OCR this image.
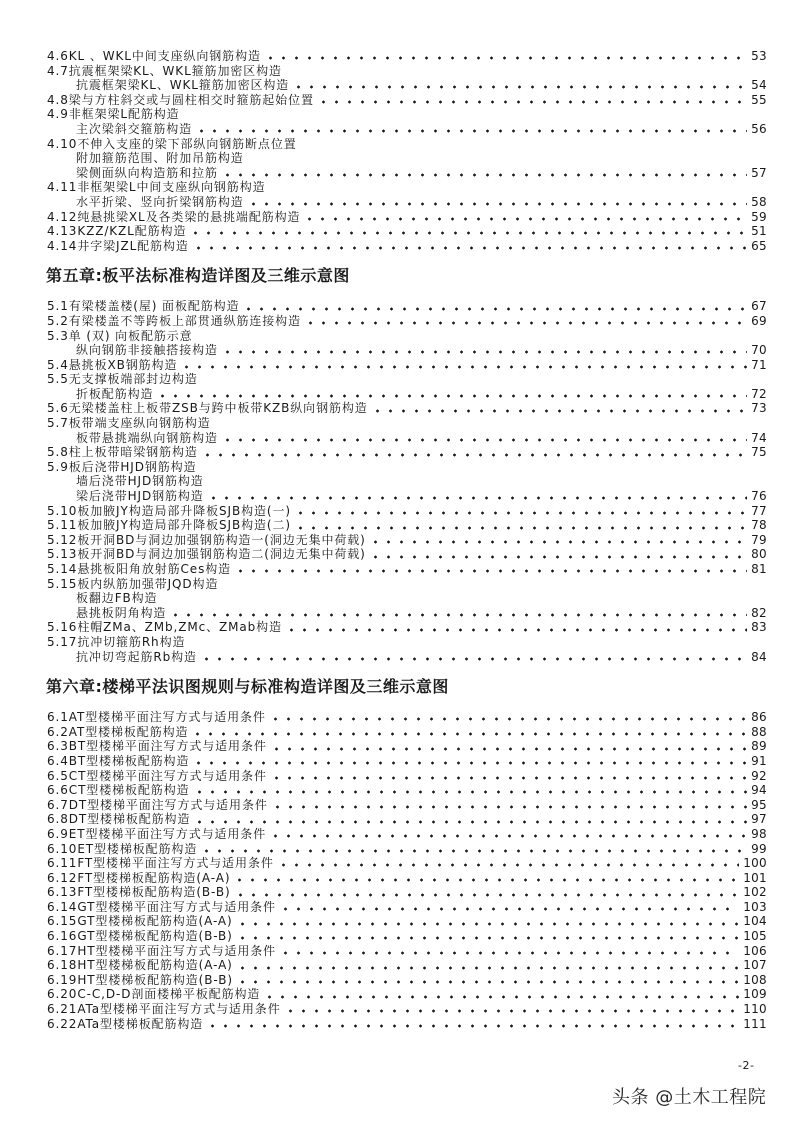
4.6KL 、WKL中间支座纵向钢筋构造	53
4.7抗震框架梁KL、WKL箍筋加密区构造
抗震框架梁KL、WKL箍筋加密区构造	54
4.8梁与方柱斜交或与圆柱相交时箍筋起始位置	55
4.9非框架梁L配筋构造
主次梁斜交箍筋构造	56
4.10不伸入支座的梁下部纵向钢筋断点位置
附加箍筋范围、附加吊筋构造
梁侧面纵向构造筋和拉筋	57
4.11非框架梁L中间支座纵向钢筋构造
水平折梁、竖向折梁钢筋构造	58
4.12纯悬挑梁XL及各类梁的悬挑端配筋构造	59
4.13KZZ/KZL配筋构造	51
4.14井字梁JZL配筋构造	65
第五章:板平法标准构造详图及三维示意图
5.1有梁楼盖楼(屋) 面板配筋构造	67
5.2有梁楼盖不等跨板上部贯通纵筋连接构造	69
5.3单 (双) 向板配筋示意
纵向钢筋非接触搭接构造	70
5.4悬挑板XB钢筋构造	71
5.5无支撑板端部封边构造
折板配筋构造	72
5.6无梁楼盖柱上板带ZSB与跨中板带KZB纵向钢筋构造	73
5.7板带端支座纵向钢筋构造
板带悬挑端纵向钢筋构造	74
5.8柱上板带暗梁钢筋构造	75
5.9板后浇带HJD钢筋构造
墙后浇带HJD钢筋构造
梁后浇带HJD钢筋构造	76
5.10板加腋JY构造局部升降板SJB构造(一)	77
5.11板加腋JY构造局部升降板SJB构造(二)	78
5.12板开洞BD与洞边加强钢筋构造一(洞边无集中荷载)	79
5.13板开洞BD与洞边加强钢筋构造二(洞边无集中荷载)	80
5.14悬挑板阳角放射筋Ces构造	81
5.15板内纵筋加强带JQD构造
板翻边FB构造
悬挑板阴角构造	82
5.16柱帽ZMa、ZMb,ZMc、ZMab构造	83
5.17抗冲切箍筋Rh构造
抗冲切弯起筋Rb构造	84
第六章:楼梯平法识图规则与标准构造详图及三维示意图
6.1AT型楼梯平面注写方式与适用条件	86
6.2AT型楼梯板配筋构造	88
6.3BT型楼梯平面注写方式与适用条件	89
6.4BT型楼梯板配筋构造	91
6.5CT型楼梯平面注写方式与适用条件	92
6.6CT型楼梯板配筋构造	94
6.7DT型楼梯平面注写方式与适用条件	95
6.8DT型楼梯板配筋构造	97
6.9ET型楼梯平面注写方式与适用条件	98
6.10ET型楼梯板配筋构造	99
6.11FT型楼梯平面注写方式与适用条件	100
6.12FT型楼梯板配筋构造(A-A)	101
6.13FT型楼梯板配筋构造(B-B)	102
6.14GT型楼梯平面注写方式与适用条件	103
6.15GT型楼梯板配筋构造(A-A)	104
6.16GT型楼梯板配筋构造(B-B)	105
6.17HT型楼梯平面注写方式与适用条件	106
6.18HT型楼梯板配筋构造(A-A)	107
6.19HT型楼梯板配筋构造(B-B)	108
6.20C-C,D-D剖面楼梯平板配筋构造	109
6.21ATa型楼梯平面注写方式与适用条件	110
6.22ATa型楼梯板配筋构造	111
-2-
头条 @土木工程院
